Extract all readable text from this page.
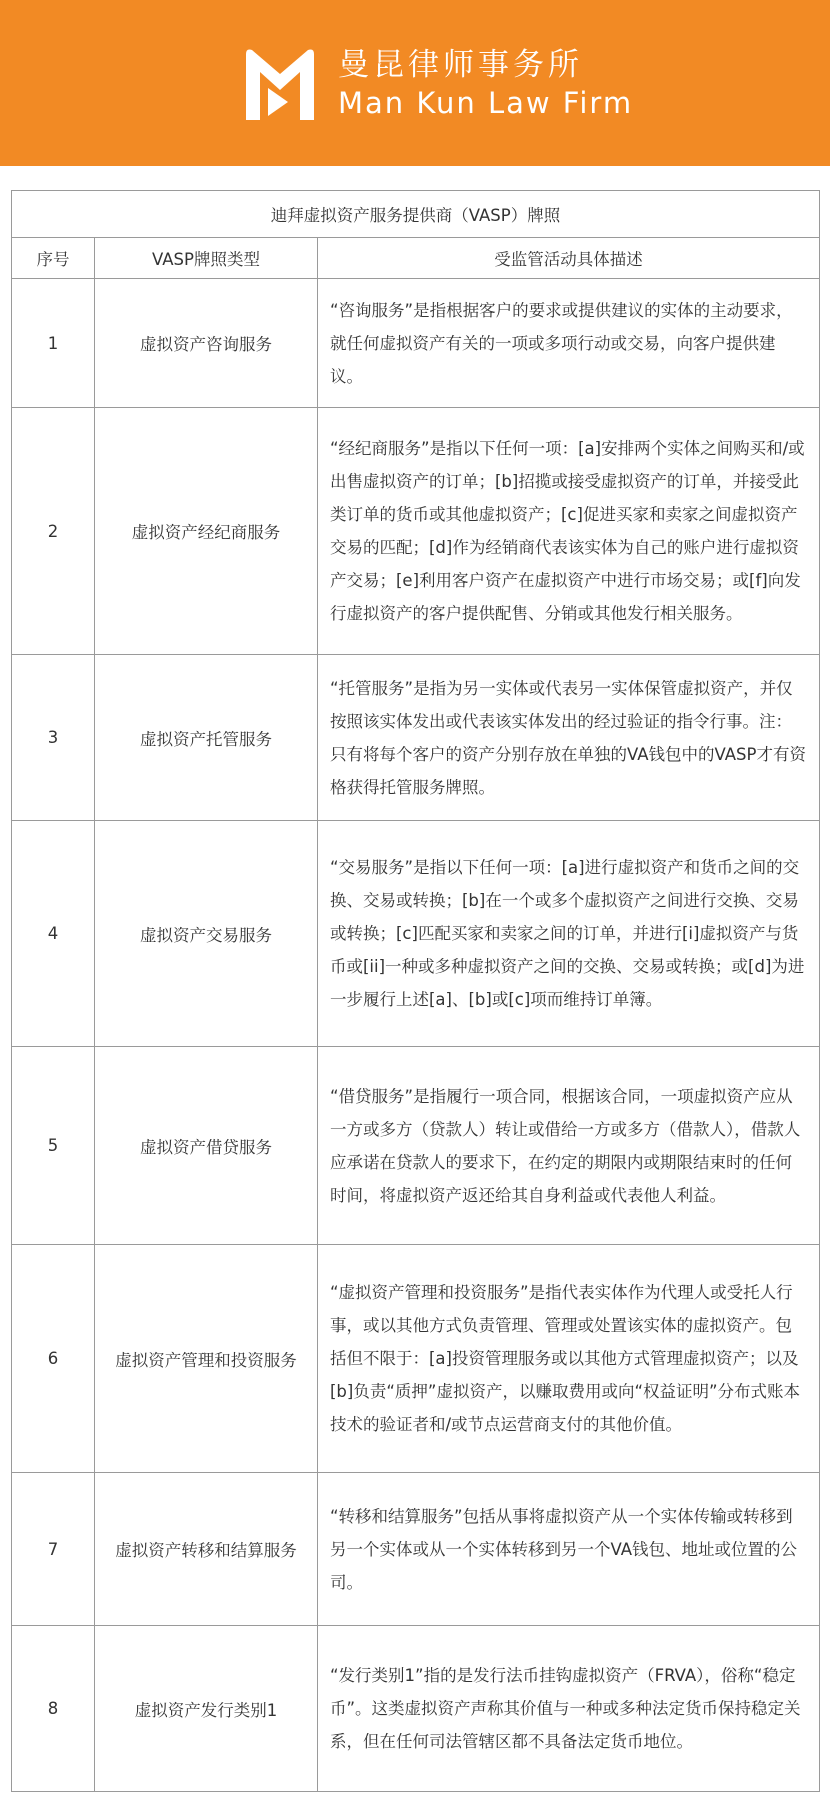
曼昆律师事务所
Man Kun Law Firm
迪拜虚拟资产服务提供商（VASP）牌照		
序号	VASP牌照类型	受监管活动具体描述
1	虚拟资产咨询服务	“咨询服务”是指根据客户的要求或提供建议的实体的主动要求，就任何虚拟资产有关的一项或多项行动或交易，向客户提供建议。
2	虚拟资产经纪商服务	“经纪商服务”是指以下任何一项：[a]安排两个实体之间购买和/或出售虚拟资产的订单；[b]招揽或接受虚拟资产的订单，并接受此类订单的货币或其他虚拟资产；[c]促进买家和卖家之间虚拟资产交易的匹配；[d]作为经销商代表该实体为自己的账户进行虚拟资产交易；[e]利用客户资产在虚拟资产中进行市场交易；或[f]向发行虚拟资产的客户提供配售、分销或其他发行相关服务。
3	虚拟资产托管服务	“托管服务”是指为另一实体或代表另一实体保管虚拟资产，并仅按照该实体发出或代表该实体发出的经过验证的指令行事。注：只有将每个客户的资产分别存放在单独的VA钱包中的VASP才有资格获得托管服务牌照。
4	虚拟资产交易服务	“交易服务”是指以下任何一项：[a]进行虚拟资产和货币之间的交换、交易或转换；[b]在一个或多个虚拟资产之间进行交换、交易或转换；[c]匹配买家和卖家之间的订单，并进行[i]虚拟资产与货币或[ii]一种或多种虚拟资产之间的交换、交易或转换；或[d]为进一步履行上述[a]、[b]或[c]项而维持订单簿。
5	虚拟资产借贷服务	“借贷服务”是指履行一项合同，根据该合同，一项虚拟资产应从一方或多方（贷款人）转让或借给一方或多方（借款人），借款人应承诺在贷款人的要求下，在约定的期限内或期限结束时的任何时间，将虚拟资产返还给其自身利益或代表他人利益。
6	虚拟资产管理和投资服务	“虚拟资产管理和投资服务”是指代表实体作为代理人或受托人行事，或以其他方式负责管理、管理或处置该实体的虚拟资产。包括但不限于：[a]投资管理服务或以其他方式管理虚拟资产；以及[b]负责“质押”虚拟资产，以赚取费用或向“权益证明”分布式账本技术的验证者和/或节点运营商支付的其他价值。
7	虚拟资产转移和结算服务	“转移和结算服务”包括从事将虚拟资产从一个实体传输或转移到另一个实体或从一个实体转移到另一个VA钱包、地址或位置的公司。
8	虚拟资产发行类别1	“发行类别1”指的是发行法币挂钩虚拟资产（FRVA），俗称“稳定币”。这类虚拟资产声称其价值与一种或多种法定货币保持稳定关系，但在任何司法管辖区都不具备法定货币地位。
